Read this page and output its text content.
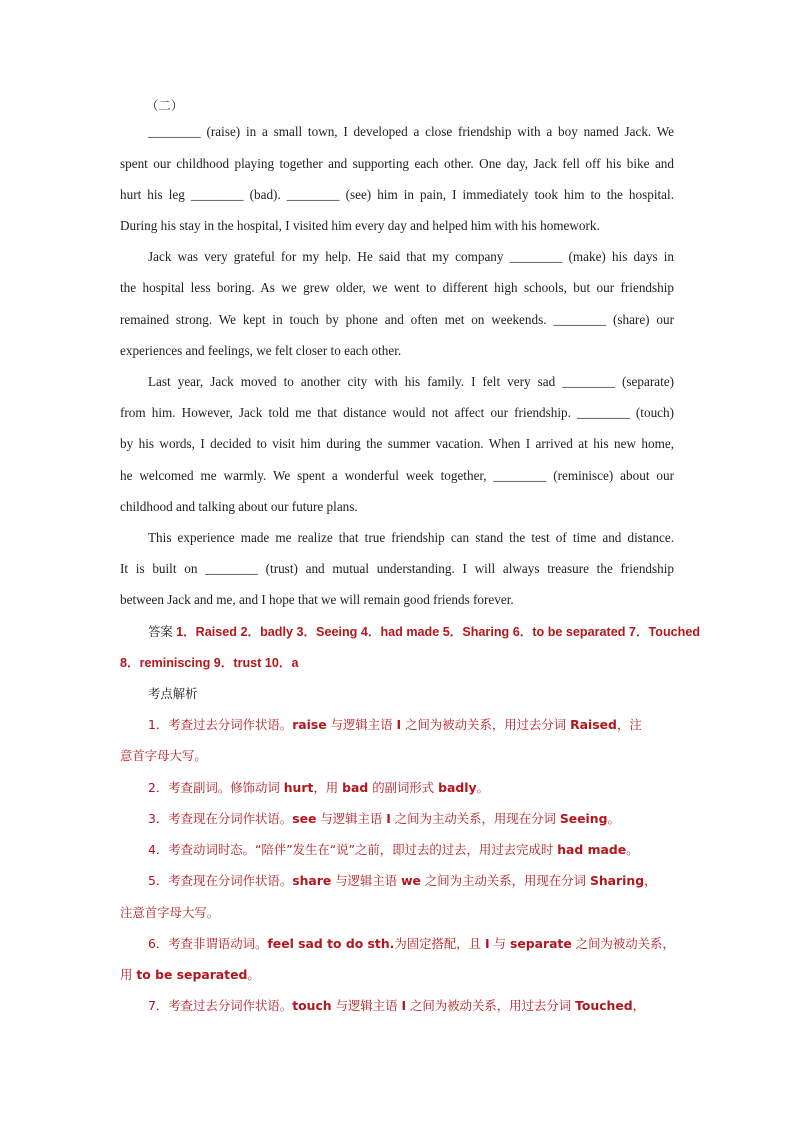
（二）
________ (raise) in a small town, I developed a close friendship with a boy named Jack. We
spent our childhood playing together and supporting each other. One day, Jack fell off his bike and
hurt his leg ________ (bad). ________ (see) him in pain, I immediately took him to the hospital.
During his stay in the hospital, I visited him every day and helped him with his homework.
Jack was very grateful for my help. He said that my company ________ (make) his days in
the hospital less boring. As we grew older, we went to different high schools, but our friendship
remained strong. We kept in touch by phone and often met on weekends. ________ (share) our
experiences and feelings, we felt closer to each other.
Last year, Jack moved to another city with his family. I felt very sad ________ (separate)
from him. However, Jack told me that distance would not affect our friendship. ________ (touch)
by his words, I decided to visit him during the summer vacation. When I arrived at his new home,
he welcomed me warmly. We spent a wonderful week together, ________ (reminisce) about our
childhood and talking about our future plans.
This experience made me realize that true friendship can stand the test of time and distance.
It is built on ________ (trust) and mutual understanding. I will always treasure the friendship
between Jack and me, and I hope that we will remain good friends forever.
答案 1．Raised 2．badly 3．Seeing 4．had made 5．Sharing 6．to be separated 7．Touched
8．reminiscing 9．trust 10．a
考点解析
1．考查过去分词作状语。raise 与逻辑主语 I 之间为被动关系，用过去分词 Raised，注
意首字母大写。
2．考查副词。修饰动词 hurt，用 bad 的副词形式 badly。
3．考查现在分词作状语。see 与逻辑主语 I 之间为主动关系，用现在分词 Seeing。
4．考查动词时态。“陪伴”发生在“说”之前，即过去的过去，用过去完成时 had made。
5．考查现在分词作状语。share 与逻辑主语 we 之间为主动关系，用现在分词 Sharing，
注意首字母大写。
6．考查非谓语动词。feel sad to do sth.为固定搭配，且 I 与 separate 之间为被动关系，
用 to be separated。
7．考查过去分词作状语。touch 与逻辑主语 I 之间为被动关系，用过去分词 Touched，
